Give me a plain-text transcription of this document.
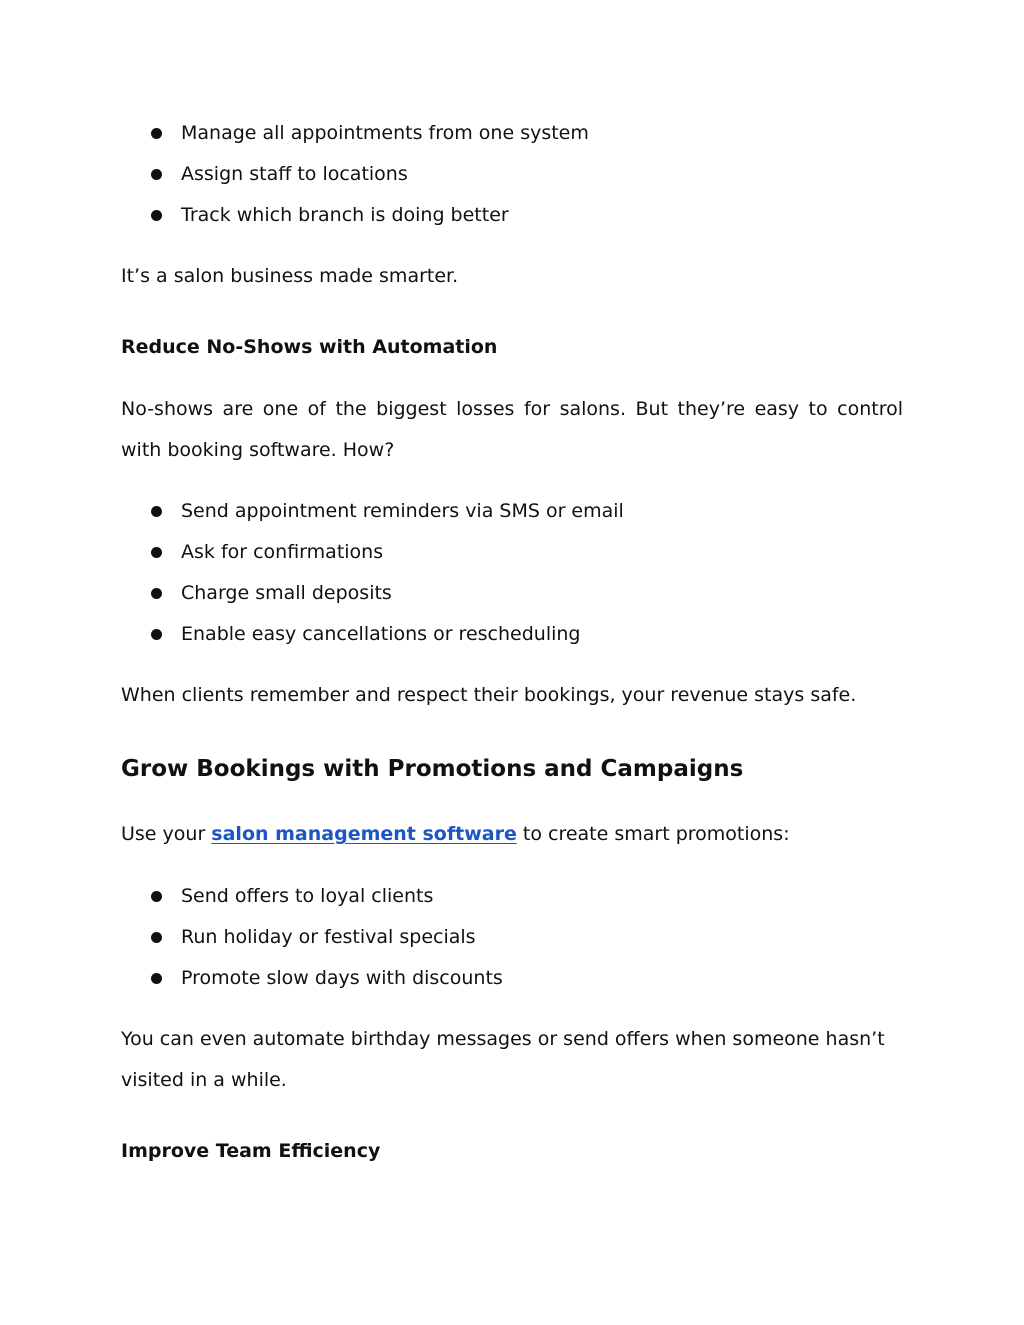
Manage all appointments from one system
Assign staff to locations
Track which branch is doing better

It’s a salon business made smarter.

Reduce No-Shows with Automation

No-shows are one of the biggest losses for salons. But they’re easy to control with booking software. How?

Send appointment reminders via SMS or email
Ask for confirmations
Charge small deposits
Enable easy cancellations or rescheduling

When clients remember and respect their bookings, your revenue stays safe.

Grow Bookings with Promotions and Campaigns

Use your salon management software to create smart promotions:

Send offers to loyal clients
Run holiday or festival specials
Promote slow days with discounts

You can even automate birthday messages or send offers when someone hasn’t visited in a while.

Improve Team Efficiency
